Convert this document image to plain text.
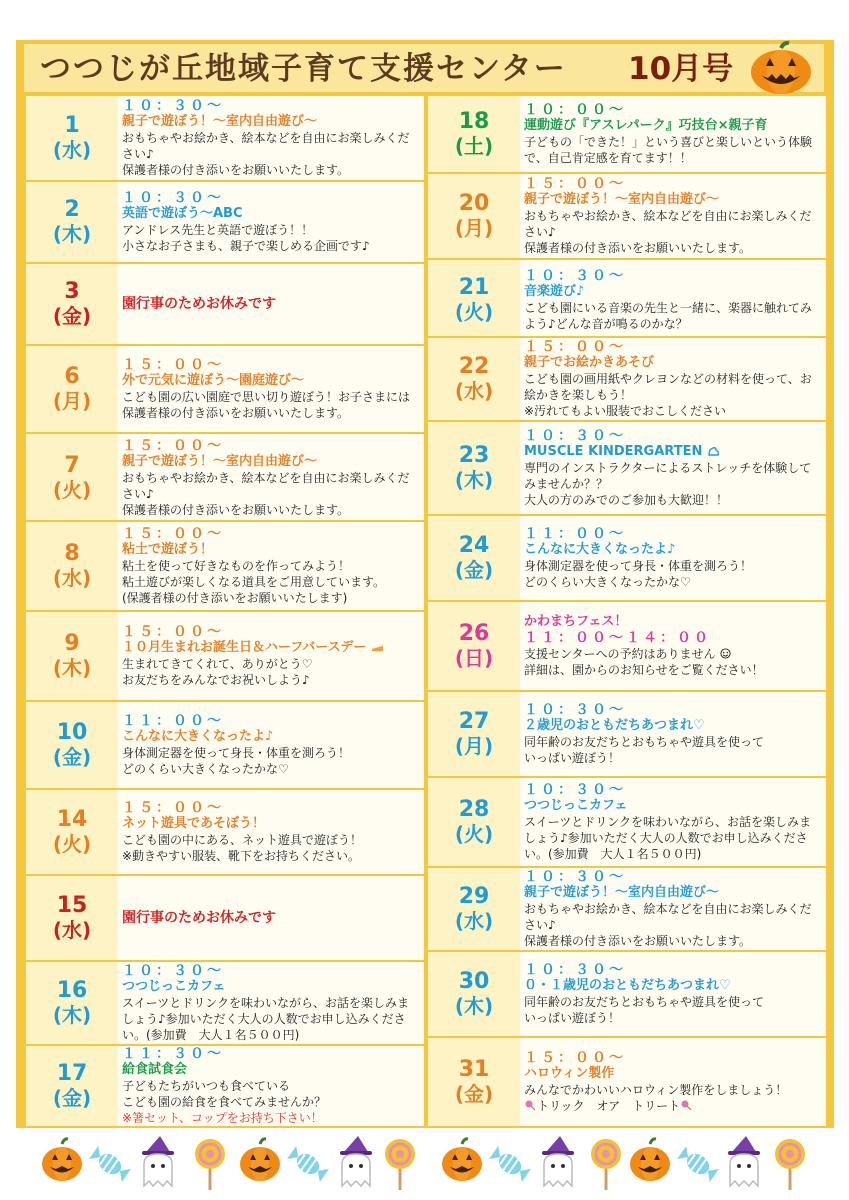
つつじが丘地域子育て支援センター 10月号
1
(水)
１０：３０～
親子で遊ぼう！～室内自由遊び～
おもちゃやお絵かき、絵本などを自由にお楽しみください♪
保護者様の付き添いをお願いいたします。
2
(木)
１０：３０～
英語で遊ぼう～ABC
アンドレス先生と英語で遊ぼう！！
小さなお子さまも、親子で楽しめる企画です♪
3
(金) 園行事のためお休みです
6
(月)
１５：００～
外で元気に遊ぼう～園庭遊び～
こども園の広い園庭で思い切り遊ぼう！お子さまには保護者様の付き添いをお願いいたします。
7
(火)
１５：００～
親子で遊ぼう！～室内自由遊び～
おもちゃやお絵かき、絵本などを自由にお楽しみください♪
保護者様の付き添いをお願いいたします。
8
(水)
１５：００～
粘土で遊ぼう！
粘土を使って好きなものを作ってみよう！
粘土遊びが楽しくなる道具をご用意しています。
(保護者様の付き添いをお願いいたします)
9
(木)
１５：００～
１０月生まれお誕生日＆ハーフバースデー
生まれてきてくれて、ありがとう♡
お友だちをみんなでお祝いしよう♪
10
(金)
１１：００～
こんなに大きくなったよ♪
身体測定器を使って身長・体重を測ろう！
どのくらい大きくなったかな♡
14
(火)
１５：００～
ネット遊具であそぼう！
こども園の中にある、ネット遊具で遊ぼう！
※動きやすい服装、靴下をお持ちください。
15
(水) 園行事のためお休みです
16
(木)
１０：３０～
つつじっこカフェ
スイーツとドリンクを味わいながら、お話を楽しみましょう♪参加いただく大人の人数でお申し込みください。(参加費　大人１名５００円)
17
(金)
１１：３０～
給食試食会
子どもたちがいつも食べている
こども園の給食を食べてみませんか？
※箸セット、コップをお持ち下さい！
18
(土)
１０：００～
運動遊び『アスレパーク』巧技台×親子育
子どもの「できた！」という喜びと楽しいという体験で、自己肯定感を育てます！！
20
(月)
１５：００～
親子で遊ぼう！～室内自由遊び～
おもちゃやお絵かき、絵本などを自由にお楽しみください♪
保護者様の付き添いをお願いいたします。
21
(火)
１０：３０～
音楽遊び♪
こども園にいる音楽の先生と一緒に、楽器に触れてみよう♪どんな音が鳴るのかな？
22
(水)
１５：００～
親子でお絵かきあそび
こども園の画用紙やクレヨンなどの材料を使って、お絵かきを楽しもう！
※汚れてもよい服装でおこしください
23
(木)
１０：３０～
MUSCLE KINDERGARTEN
専門のインストラクターによるストレッチを体験してみませんか？？
大人の方のみでのご参加も大歓迎！！
24
(金)
１１：００～
こんなに大きくなったよ♪
身体測定器を使って身長・体重を測ろう！
どのくらい大きくなったかな♡
26
(日)
かわまちフェス！
１１：００～１４：００
支援センターへの予約はありません
詳細は、園からのお知らせをご覧ください！
27
(月)
１０：３０～
２歳児のおともだちあつまれ♡
同年齢のお友だちとおもちゃや遊具を使って
いっぱい遊ぼう！
28
(火)
１０：３０～
つつじっこカフェ
スイーツとドリンクを味わいながら、お話を楽しみましょう♪参加いただく大人の人数でお申し込みください。(参加費　大人１名５００円)
29
(水)
１０：３０～
親子で遊ぼう！～室内自由遊び～
おもちゃやお絵かき、絵本などを自由にお楽しみください♪
保護者様の付き添いをお願いいたします。
30
(木)
１０：３０～
０・１歳児のおともだちあつまれ♡
同年齢のお友だちとおもちゃや遊具を使って
いっぱい遊ぼう！
31
(金)
１５：００～
ハロウィン製作
みんなでかわいいハロウィン製作をしましょう！
トリック　オア　トリート
